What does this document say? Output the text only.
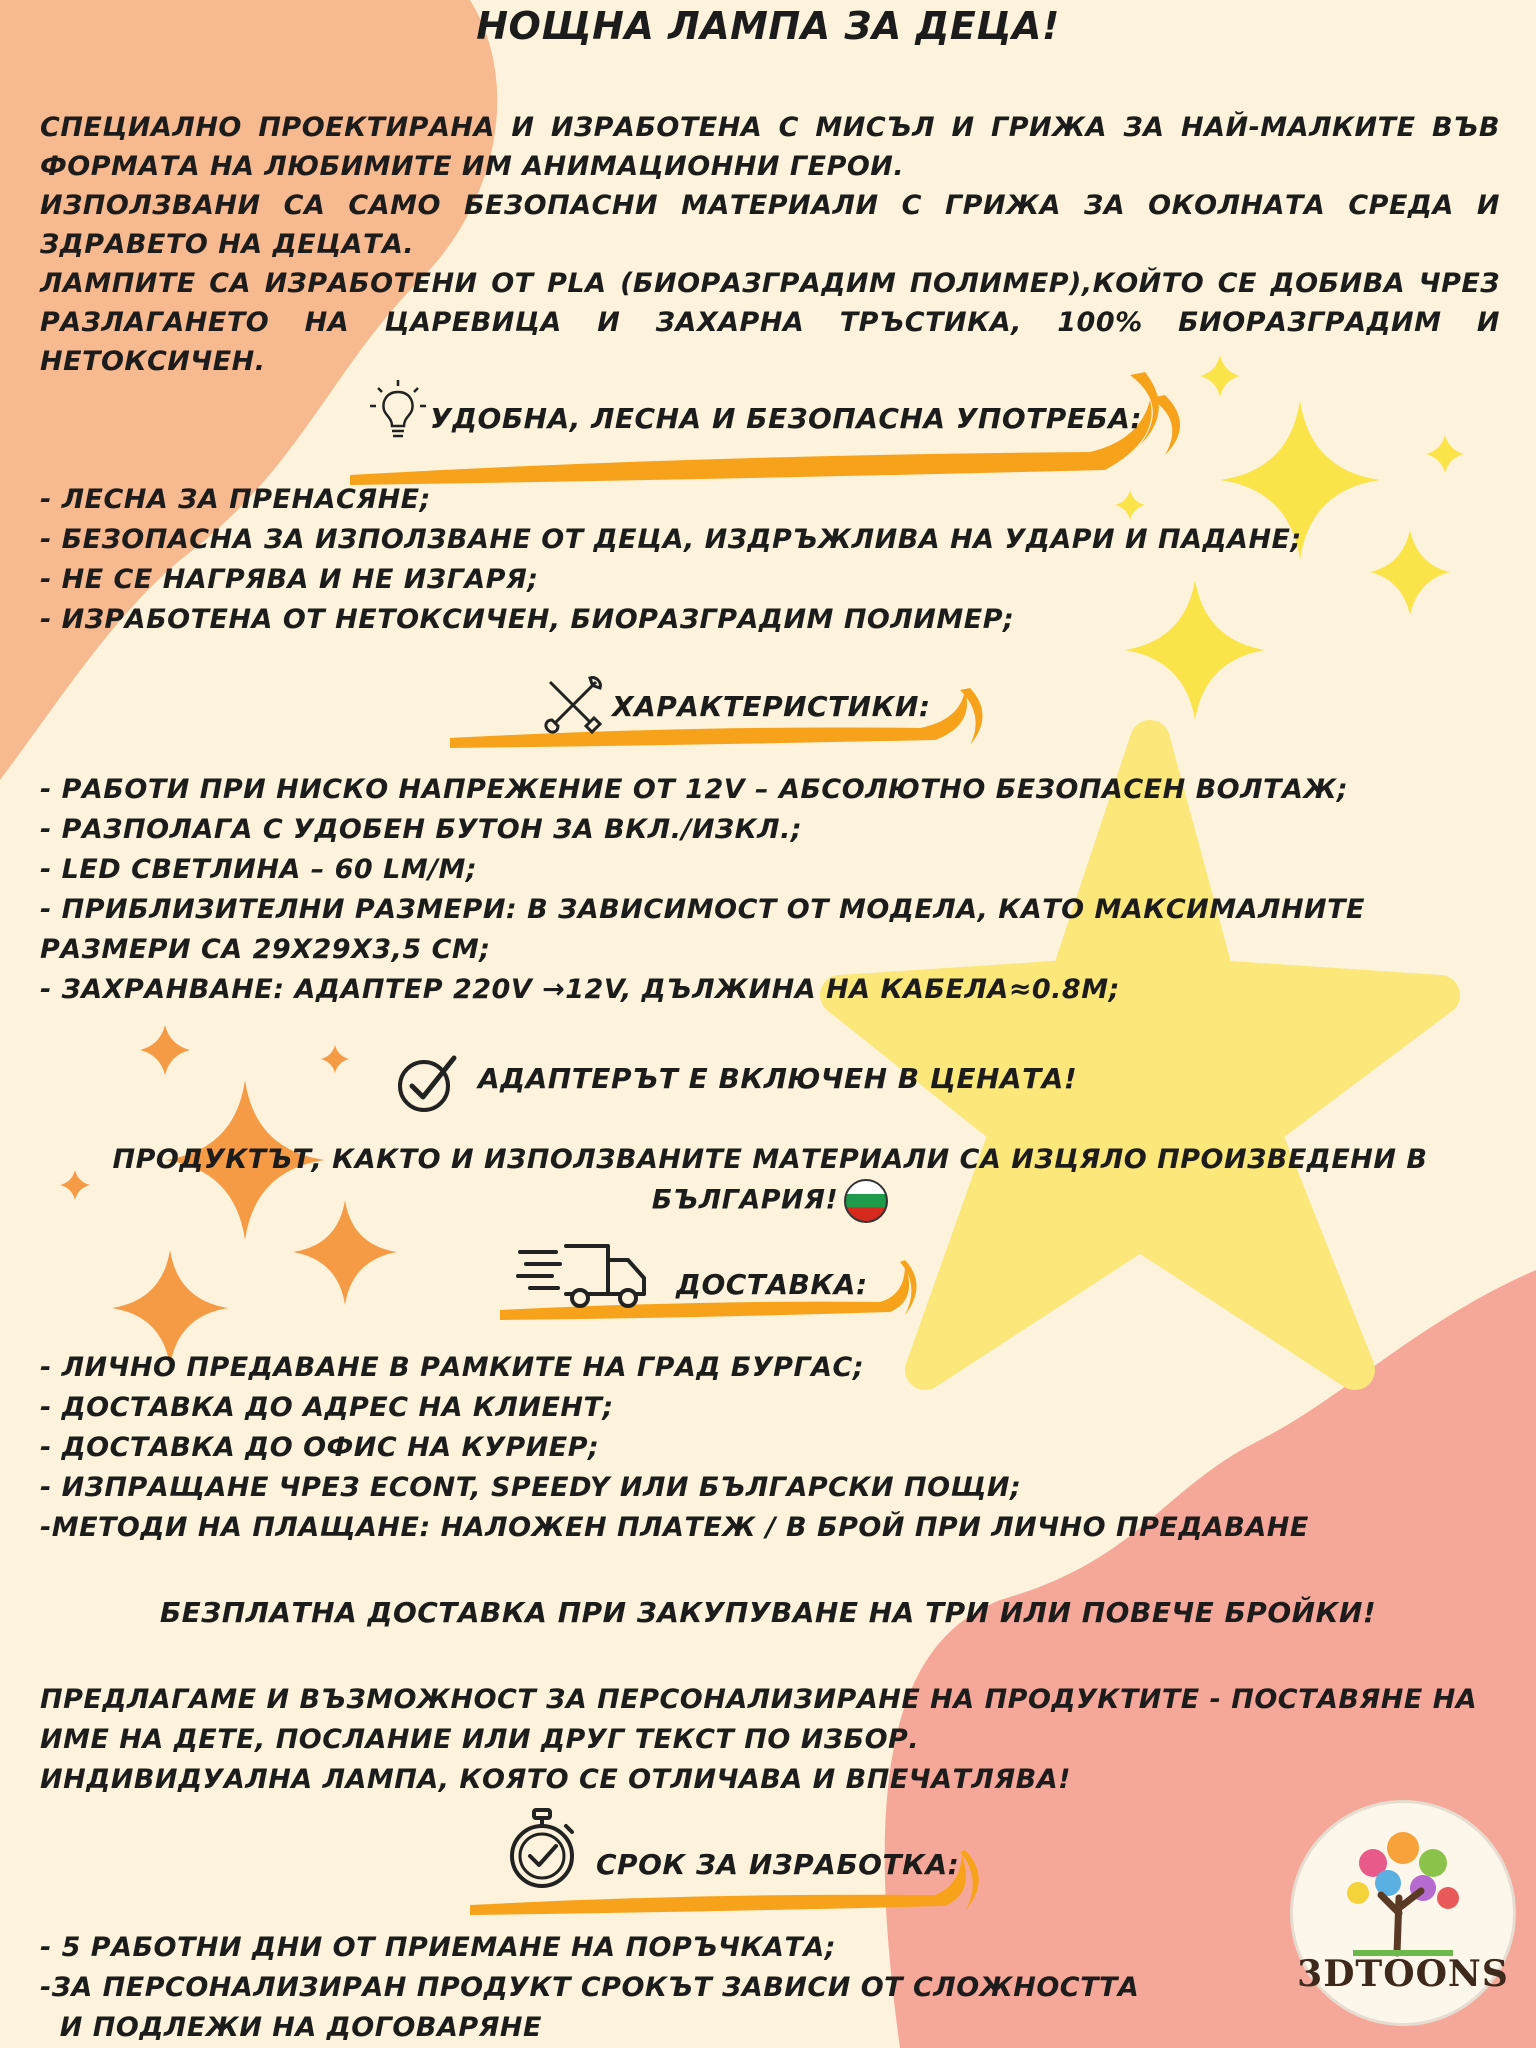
НОЩНА ЛАМПА ЗА ДЕЦА!

СПЕЦИАЛНО ПРОЕКТИРАНА И ИЗРАБОТЕНА С МИСЪЛ И ГРИЖА ЗА НАЙ-МАЛКИТЕ ВЪВ ФОРМАТА НА ЛЮБИМИТЕ ИМ АНИМАЦИОННИ ГЕРОИ.

ИЗПОЛЗВАНИ СА САМО БЕЗОПАСНИ МАТЕРИАЛИ С ГРИЖА ЗА ОКОЛНАТА СРЕДА И ЗДРАВЕТО НА ДЕЦАТА.

ЛАМПИТЕ СА ИЗРАБОТЕНИ ОТ PLA (БИОРАЗГРАДИМ ПОЛИМЕР),КОЙТО СЕ ДОБИВА ЧРЕЗ РАЗЛАГАНЕТО НА ЦАРЕВИЦА И ЗАХАРНА ТРЪСТИКА, 100% БИОРАЗГРАДИМ И НЕТОКСИЧЕН.

УДОБНА, ЛЕСНА И БЕЗОПАСНА УПОТРЕБА:
- ЛЕСНА ЗА ПРЕНАСЯНЕ;
- БЕЗОПАСНА ЗА ИЗПОЛЗВАНЕ ОТ ДЕЦА, ИЗДРЪЖЛИВА НА УДАРИ И ПАДАНЕ;
- НЕ СЕ НАГРЯВА И НЕ ИЗГАРЯ;
- ИЗРАБОТЕНА ОТ НЕТОКСИЧЕН, БИОРАЗГРАДИМ ПОЛИМЕР;
ХАРАКТЕРИСТИКИ:
- РАБОТИ ПРИ НИСКО НАПРЕЖЕНИЕ ОТ 12V – АБСОЛЮТНО БЕЗОПАСЕН ВОЛТАЖ;
- РАЗПОЛАГА С УДОБЕН БУТОН ЗА ВКЛ./ИЗКЛ.;
- LED СВЕТЛИНА – 60 LM/M;
- ПРИБЛИЗИТЕЛНИ РАЗМЕРИ: В ЗАВИСИМОСТ ОТ МОДЕЛА, КАТО МАКСИМАЛНИТЕ
РАЗМЕРИ СА 29Х29Х3,5 СМ;
- ЗАХРАНВАНЕ: АДАПТЕР 220V →12V, ДЪЛЖИНА НА КАБЕЛА≈0.8М;
АДАПТЕРЪТ Е ВКЛЮЧЕН В ЦЕНАТА!
ПРОДУКТЪТ, КАКТО И ИЗПОЛЗВАНИТЕ МАТЕРИАЛИ СА ИЗЦЯЛО ПРОИЗВЕДЕНИ В
БЪЛГАРИЯ!
ДОСТАВКА:
- ЛИЧНО ПРЕДАВАНЕ В РАМКИТЕ НА ГРАД БУРГАС;
- ДОСТАВКА ДО АДРЕС НА КЛИЕНТ;
- ДОСТАВКА ДО ОФИС НА КУРИЕР;
- ИЗПРАЩАНЕ ЧРЕЗ ECONT, SPEEDY ИЛИ БЪЛГАРСКИ ПОЩИ;
-МЕТОДИ НА ПЛАЩАНЕ: НАЛОЖЕН ПЛАТЕЖ / В БРОЙ ПРИ ЛИЧНО ПРЕДАВАНЕ
БЕЗПЛАТНА ДОСТАВКА ПРИ ЗАКУПУВАНЕ НА ТРИ ИЛИ ПОВЕЧЕ БРОЙКИ!
ПРЕДЛАГАМЕ И ВЪЗМОЖНОСТ ЗА ПЕРСОНАЛИЗИРАНЕ НА ПРОДУКТИТЕ - ПОСТАВЯНЕ НА
ИМЕ НА ДЕТЕ, ПОСЛАНИЕ ИЛИ ДРУГ ТЕКСТ ПО ИЗБОР.
ИНДИВИДУАЛНА ЛАМПА, КОЯТО СЕ ОТЛИЧАВА И ВПЕЧАТЛЯВА!
СРОК ЗА ИЗРАБОТКА:
- 5 РАБОТНИ ДНИ ОТ ПРИЕМАНЕ НА ПОРЪЧКАТА;
-ЗА ПЕРСОНАЛИЗИРАН ПРОДУКТ СРОКЪТ ЗАВИСИ ОТ СЛОЖНОСТТА
И ПОДЛЕЖИ НА ДОГОВАРЯНЕ
3DTOONS
